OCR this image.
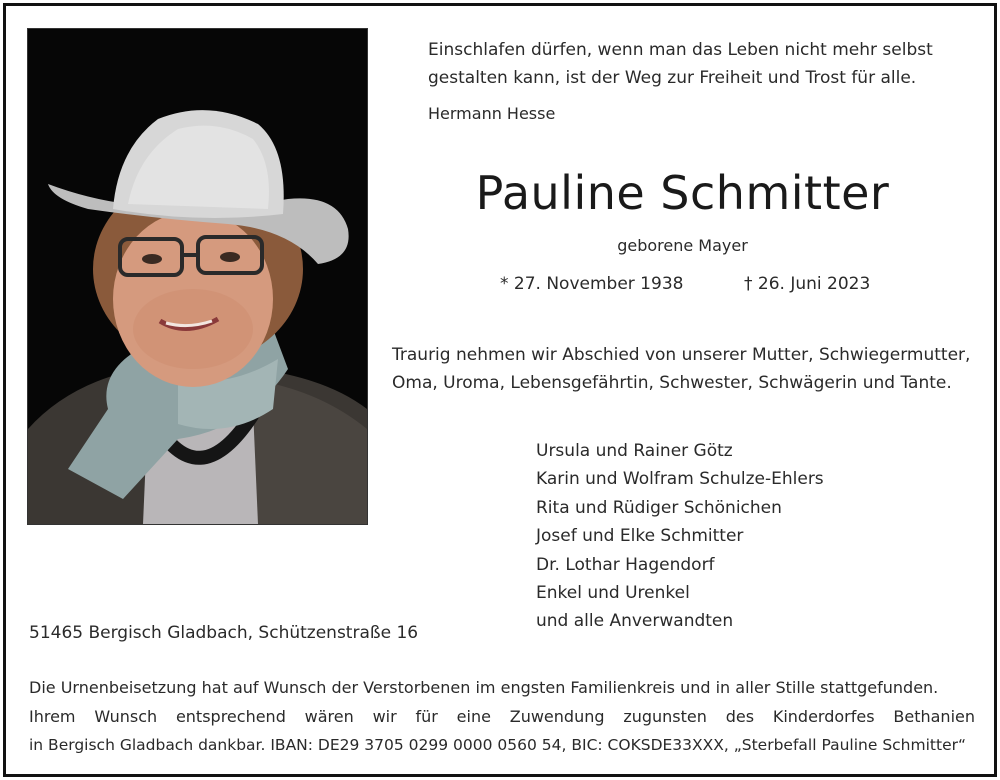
Einschlafen dürfen, wenn man das Leben nicht mehr selbst

gestalten kann, ist der Weg zur Freiheit und Trost für alle.

Hermann Hesse
Pauline Schmitter
geborene Mayer
* 27. November 1938	† 26. Juni 2023

Traurig nehmen wir Abschied von unserer Mutter, Schwiegermutter,

Oma, Uroma, Lebensgefährtin, Schwester, Schwägerin und Tante.

Ursula und Rainer Götz
Karin und Wolfram Schulze-Ehlers
Rita und Rüdiger Schönichen
Josef und Elke Schmitter
Dr. Lothar Hagendorf
Enkel und Urenkel
und alle Anverwandten
51465 Bergisch Gladbach, Schützenstraße 16

Die Urnenbeisetzung hat auf Wunsch der Verstorbenen im engsten Familienkreis und in aller Stille stattgefunden.

Ihrem Wunsch entsprechend wären wir für eine Zuwendung zugunsten des Kinderdorfes Bethanien

in Bergisch Gladbach dankbar. IBAN: DE29 3705 0299 0000 0560 54, BIC: COKSDE33XXX, „Sterbefall Pauline Schmitter“
